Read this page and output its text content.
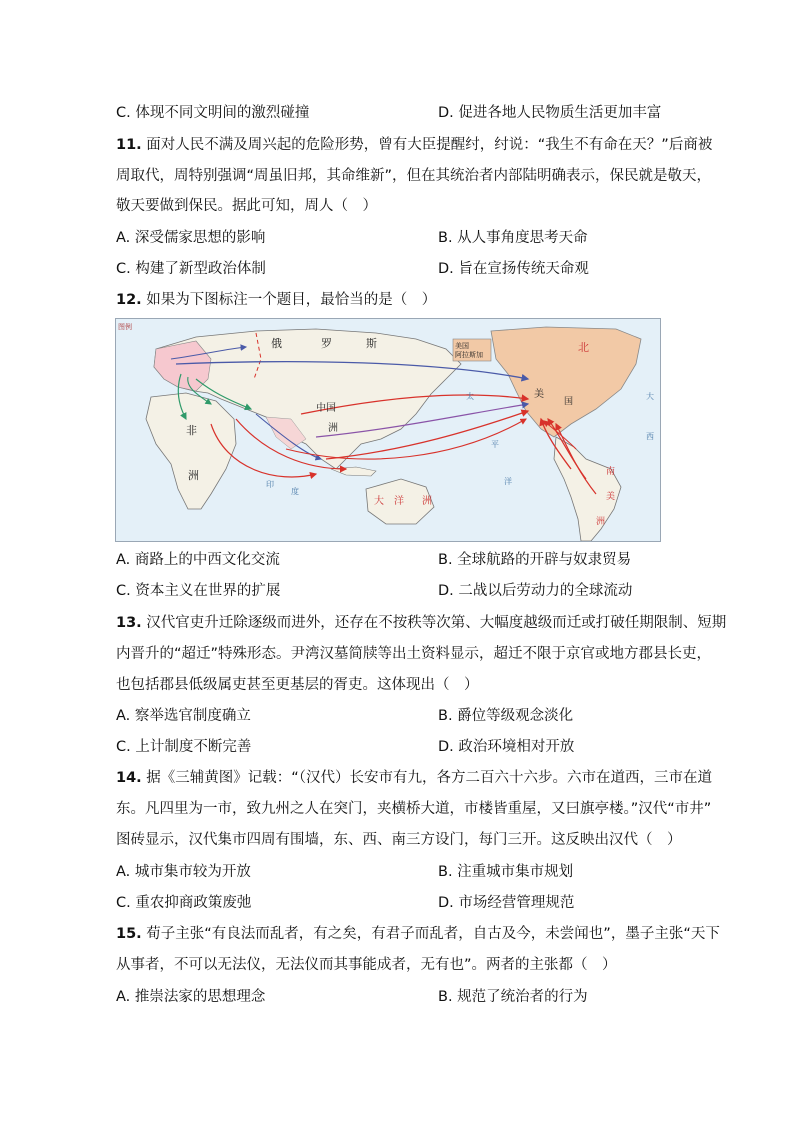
C. 体现不同文明间的激烈碰撞	D. 促进各地人民物质生活更加丰富
11. 面对人民不满及周兴起的危险形势，曾有大臣提醒纣，纣说：“我生不有命在天？”后商被
周取代，周特别强调“周虽旧邦，其命维新”，但在其统治者内部陆明确表示，保民就是敬天，
敬天要做到保民。据此可知，周人（　）
A. 深受儒家思想的影响	B. 从人事角度思考天命
C. 构建了新型政治体制	D. 旨在宣扬传统天命观
12. 如果为下图标注一个题目，最恰当的是（　）
图例
俄	罗	斯
中国
洲
美国
阿拉斯加
北
美
国
非
洲
大 洋 洲
南
美
洲
太
平
洋
大
西
印
度
A. 商路上的中西文化交流	B. 全球航路的开辟与奴隶贸易
C. 资本主义在世界的扩展	D. 二战以后劳动力的全球流动
13. 汉代官吏升迁除逐级而进外，还存在不按秩等次第、大幅度越级而迁或打破任期限制、短期
内晋升的“超迁”特殊形态。尹湾汉墓简牍等出土资料显示，超迁不限于京官或地方郡县长吏，
也包括郡县低级属吏甚至更基层的胥吏。这体现出（　）
A. 察举选官制度确立	B. 爵位等级观念淡化
C. 上计制度不断完善	D. 政治环境相对开放
14. 据《三辅黄图》记载：“（汉代）长安市有九，各方二百六十六步。六市在道西，三市在道
东。凡四里为一市，致九州之人在突门，夹横桥大道，市楼皆重屋，又曰旗亭楼。”汉代“市井”
图砖显示，汉代集市四周有围墙，东、西、南三方设门，每门三开。这反映出汉代（　）
A. 城市集市较为开放	B. 注重城市集市规划
C. 重农抑商政策废弛	D. 市场经营管理规范
15. 荀子主张“有良法而乱者，有之矣，有君子而乱者，自古及今，未尝闻也”，墨子主张“天下
从事者，不可以无法仪，无法仪而其事能成者，无有也”。两者的主张都（　）
A. 推崇法家的思想理念	B. 规范了统治者的行为
